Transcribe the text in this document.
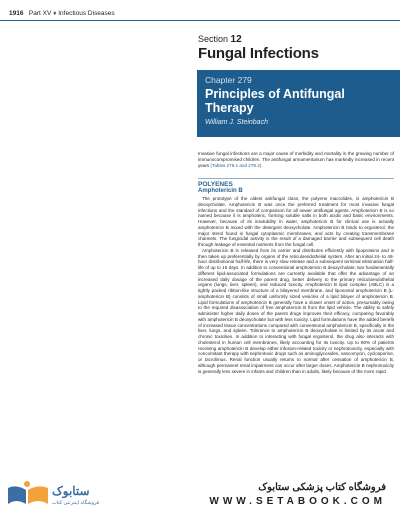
1916 Part XV ♦ Infectious Diseases
Section 12
Fungal Infections
Chapter 279
Principles of Antifungal Therapy
William J. Steinbach
Invasive fungal infections are a major cause of morbidity and mortality in the growing number of immunocompromised children. The antifungal armamentarium has markedly increased in recent years (Tables 279.1 and 279.2).
POLYENES
Amphotericin B

The prototype of the oldest antifungal class, the polyene macrolides, is amphotericin B deoxycholate. Amphotericin B was once the preferred treatment for most invasive fungal infections and the standard of comparison for all newer antifungal agents. Amphotericin B is so named because it is amphoteric, forming soluble salts in both acidic and basic environments. However, because of its insolubility in water, amphotericin B for clinical use is actually amphotericin B mixed with the detergent deoxycholate. Amphotericin B binds to ergosterol, the major sterol found in fungal cytoplasmic membranes, and acts by creating transmembrane channels. The fungicidal activity is the result of a damaged barrier and subsequent cell death through leakage of essential nutrients from the fungal cell.

Amphotericin B is released from its carrier and distributes efficiently with lipoproteins and is then taken up preferentially by organs of the reticuloendothelial system. After an initial 24- to 48-hour distributional half-life, there is very slow release and a subsequent terminal elimination half-life of up to 15 days. In addition to conventional amphotericin B deoxycholate, two fundamentally different lipid-associated formulations are currently available that offer the advantage of an increased daily dosage of the parent drug, better delivery to the primary reticuloendothelial organs (lungs, liver, spleen), and reduced toxicity. Amphotericin B lipid complex (ABLC) is a tightly packed ribbon-like structure of a bilayered membrane, and liposomal amphotericin B (L-amphotericin B) consists of small uniformly sized vesicles of a lipid bilayer of amphotericin B. Lipid formulations of amphotericin B generally have a slower onset of action, presumably owing to the required disassociation of free amphotericin B from the lipid vehicle. The ability to safely administer higher daily doses of the parent drugs improves their efficacy, comparing favorably with amphotericin B deoxycholate but with less toxicity. Lipid formulations have the added benefit of increased tissue concentrations compared with conventional amphotericin B, specifically in the liver, lungs, and spleen. Tolerance to amphotericin B deoxycholate is limited by its acute and chronic toxicities. In addition to interacting with fungal ergosterol, the drug also interacts with cholesterol in human cell membranes, likely accounting for its toxicity. Up to 80% of patients receiving amphotericin B develop either infusion-related toxicity or nephrotoxicity, especially with concomitant therapy with nephrotoxic drugs such as aminoglycosides, vancomycin, cyclosporine, or tacrolimus. Renal function usually returns to normal after cessation of amphotericin B, although permanent renal impairment can occur after larger doses. Amphotericin B nephrotoxicity is generally less severe in infants and children than in adults, likely because of the more rapid

ستابوک
فروشگاه اینترنتی کتاب
فروشگاه کتاب پزشکی ستابوک
WWW.SETABOOK.COM
